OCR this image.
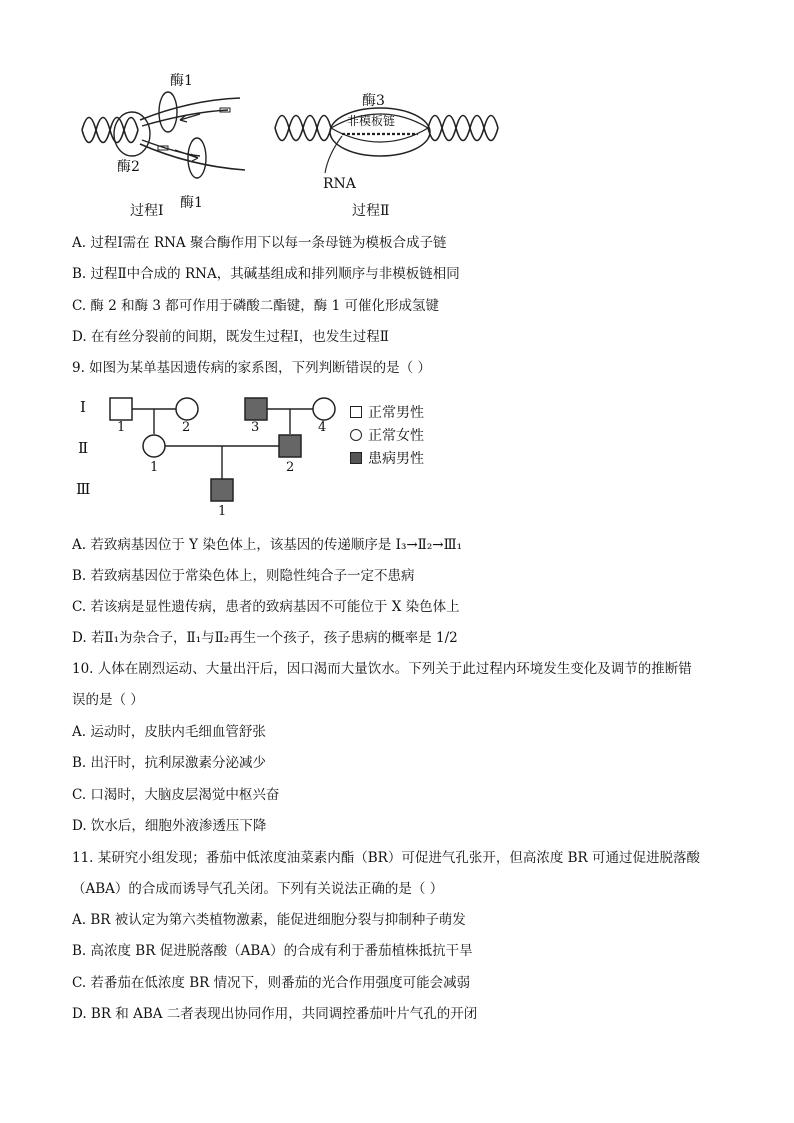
酶1
酶2
酶1
过程Ⅰ
酶3
非模板链
RNA
过程Ⅱ
A. 过程Ⅰ需在 RNA 聚合酶作用下以每一条母链为模板合成子链
B. 过程Ⅱ中合成的 RNA，其碱基组成和排列顺序与非模板链相同
C. 酶 2 和酶 3 都可作用于磷酸二酯键，酶 1 可催化形成氢键
D. 在有丝分裂前的间期，既发生过程Ⅰ，也发生过程Ⅱ
9. 如图为某单基因遗传病的家系图，下列判断错误的是（ ）
Ⅰ
Ⅱ
Ⅲ
1	2	3	4
1	2
1
正常男性
正常女性
患病男性
A. 若致病基因位于 Y 染色体上，该基因的传递顺序是 I₃→Ⅱ₂→Ⅲ₁
B. 若致病基因位于常染色体上，则隐性纯合子一定不患病
C. 若该病是显性遗传病，患者的致病基因不可能位于 X 染色体上
D. 若Ⅱ₁为杂合子，Ⅱ₁与Ⅱ₂再生一个孩子，孩子患病的概率是 1/2
10. 人体在剧烈运动、大量出汗后，因口渴而大量饮水。下列关于此过程内环境发生变化及调节的推断错
误的是（ ）
A. 运动时，皮肤内毛细血管舒张
B. 出汗时，抗利尿激素分泌减少
C. 口渴时，大脑皮层渴觉中枢兴奋
D. 饮水后，细胞外液渗透压下降
11. 某研究小组发现；番茄中低浓度油菜素内酯（BR）可促进气孔张开，但高浓度 BR 可通过促进脱落酸
（ABA）的合成而诱导气孔关闭。下列有关说法正确的是（ ）
A. BR 被认定为第六类植物激素，能促进细胞分裂与抑制种子萌发
B. 高浓度 BR 促进脱落酸（ABA）的合成有利于番茄植株抵抗干旱
C. 若番茄在低浓度 BR 情况下，则番茄的光合作用强度可能会减弱
D. BR 和 ABA 二者表现出协同作用，共同调控番茄叶片气孔的开闭
